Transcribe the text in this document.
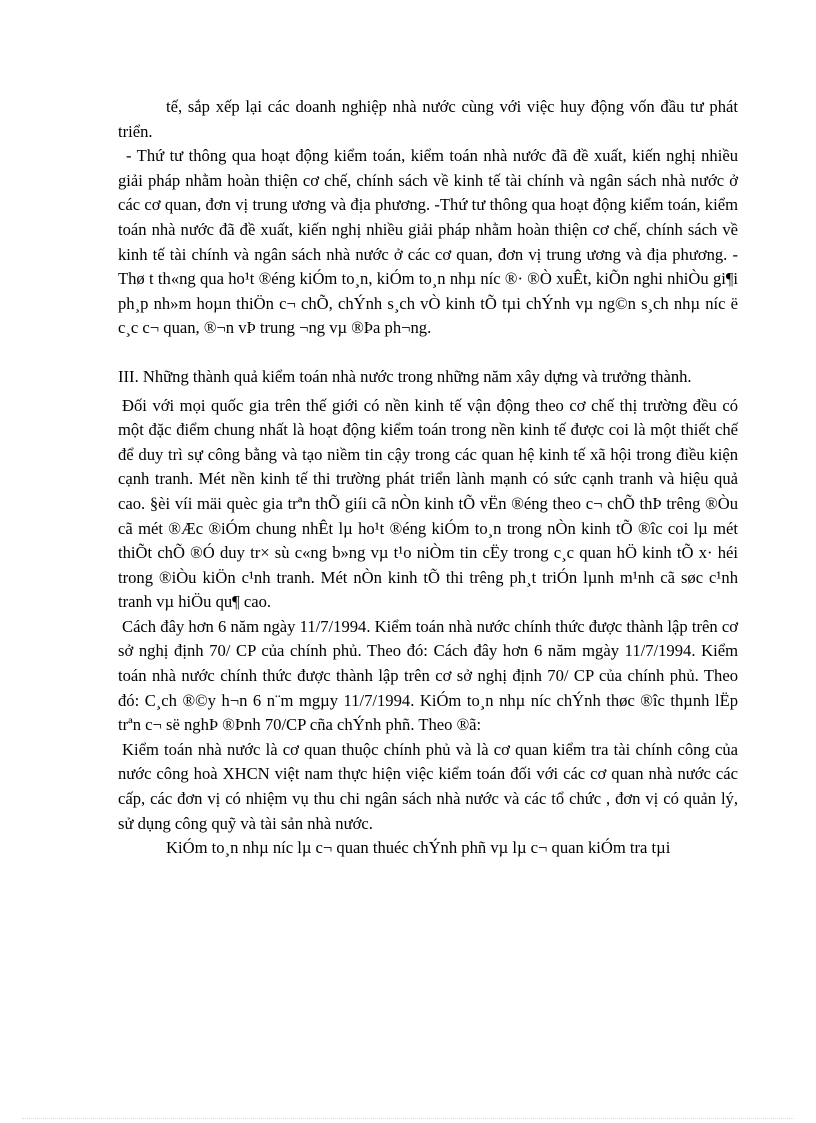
tế, sắp xếp lại các doanh nghiệp nhà nước cùng với việc huy động vốn đầu tư phát triển.

- Thứ tư thông qua hoạt động kiểm toán, kiểm toán nhà nước đã đề xuất, kiến nghị nhiều giải pháp nhằm hoàn thiện cơ chế, chính sách về kinh tế tài chính và ngân sách nhà nước ở các cơ quan, đơn vị trung ương và địa phương. -Thứ tư thông qua hoạt động kiểm toán, kiểm toán nhà nước đã đề xuất, kiến nghị nhiều giải pháp nhằm hoàn thiện cơ chế, chính sách về kinh tế tài chính và ngân sách nhà nước ở các cơ quan, đơn vị trung ương và địa phương. -Thø t th«ng qua ho¹t ®éng kiÓm to¸n, kiÓm to¸n nhµ níc ®· ®Ò xuÊt, kiÕn nghi nhiÒu gi¶i ph¸p nh»m hoµn thiÖn c¬ chÕ, chÝnh s¸ch vÒ kinh tÕ tµi chÝnh vµ ng©n s¸ch nhµ níc ë c¸c c¬ quan, ®¬n vÞ trung ¬ng vµ ®Þa ph¬ng.

III. Những thành quả kiểm toán nhà nước trong những năm xây dựng và trưởng thành.

Đối với mọi quốc gia trên thế giới có nền kinh tế vận động theo cơ chế thị trường đều có một đặc điểm chung nhất là hoạt động kiểm toán trong nền kinh tế được coi là một thiết chế để duy trì sự công bằng và tạo niềm tin cậy trong các quan hệ kinh tế xã hội trong điều kiện cạnh tranh. Mét nền kinh tế thi trường phát triển lành mạnh có sức cạnh tranh và hiệu quả cao. §èi víi mäi quèc gia trªn thÕ giíi cã nÒn kinh tÕ vËn ®éng theo c¬ chÕ thÞ trêng ®Òu cã mét ®Æc ®iÓm chung nhÊt lµ ho¹t ®éng kiÓm to¸n trong nÒn kinh tÕ ®îc coi lµ mét thiÕt chÕ ®Ó duy tr× sù c«ng b»ng vµ t¹o niÒm tin cËy trong c¸c quan hÖ kinh tÕ x· héi trong ®iÒu kiÖn c¹nh tranh. Mét nÒn kinh tÕ thi trêng ph¸t triÓn lµnh m¹nh cã søc c¹nh tranh vµ hiÖu qu¶ cao.

Cách đây hơn 6 năm ngày 11/7/1994. Kiểm toán nhà nước chính thức được thành lập trên cơ sở nghị định 70/ CP của chính phủ. Theo đó: Cách đây hơn 6 năm mgày 11/7/1994. Kiểm toán nhà nước chính thức được thành lập trên cơ sở nghị định 70/ CP của chính phủ. Theo đó: C¸ch ®©y h¬n 6 n¨m mgµy 11/7/1994. KiÓm to¸n nhµ níc chÝnh thøc ®îc thµnh lËp trªn c¬ së nghÞ ®Þnh 70/CP cña chÝnh phñ. Theo ®ã:

Kiểm toán nhà nước là cơ quan thuộc chính phủ và là cơ quan kiểm tra tài chính công của nước công hoà XHCN việt nam thực hiện việc kiểm toán đối với các cơ quan nhà nước các cấp, các đơn vị có nhiệm vụ thu chi ngân sách nhà nước và các tổ chức , đơn vị có quản lý, sử dụng công quỹ và tài sản nhà nước.

KiÓm to¸n nhµ níc lµ c¬ quan thuéc chÝnh phñ vµ lµ c¬ quan kiÓm tra tµi
